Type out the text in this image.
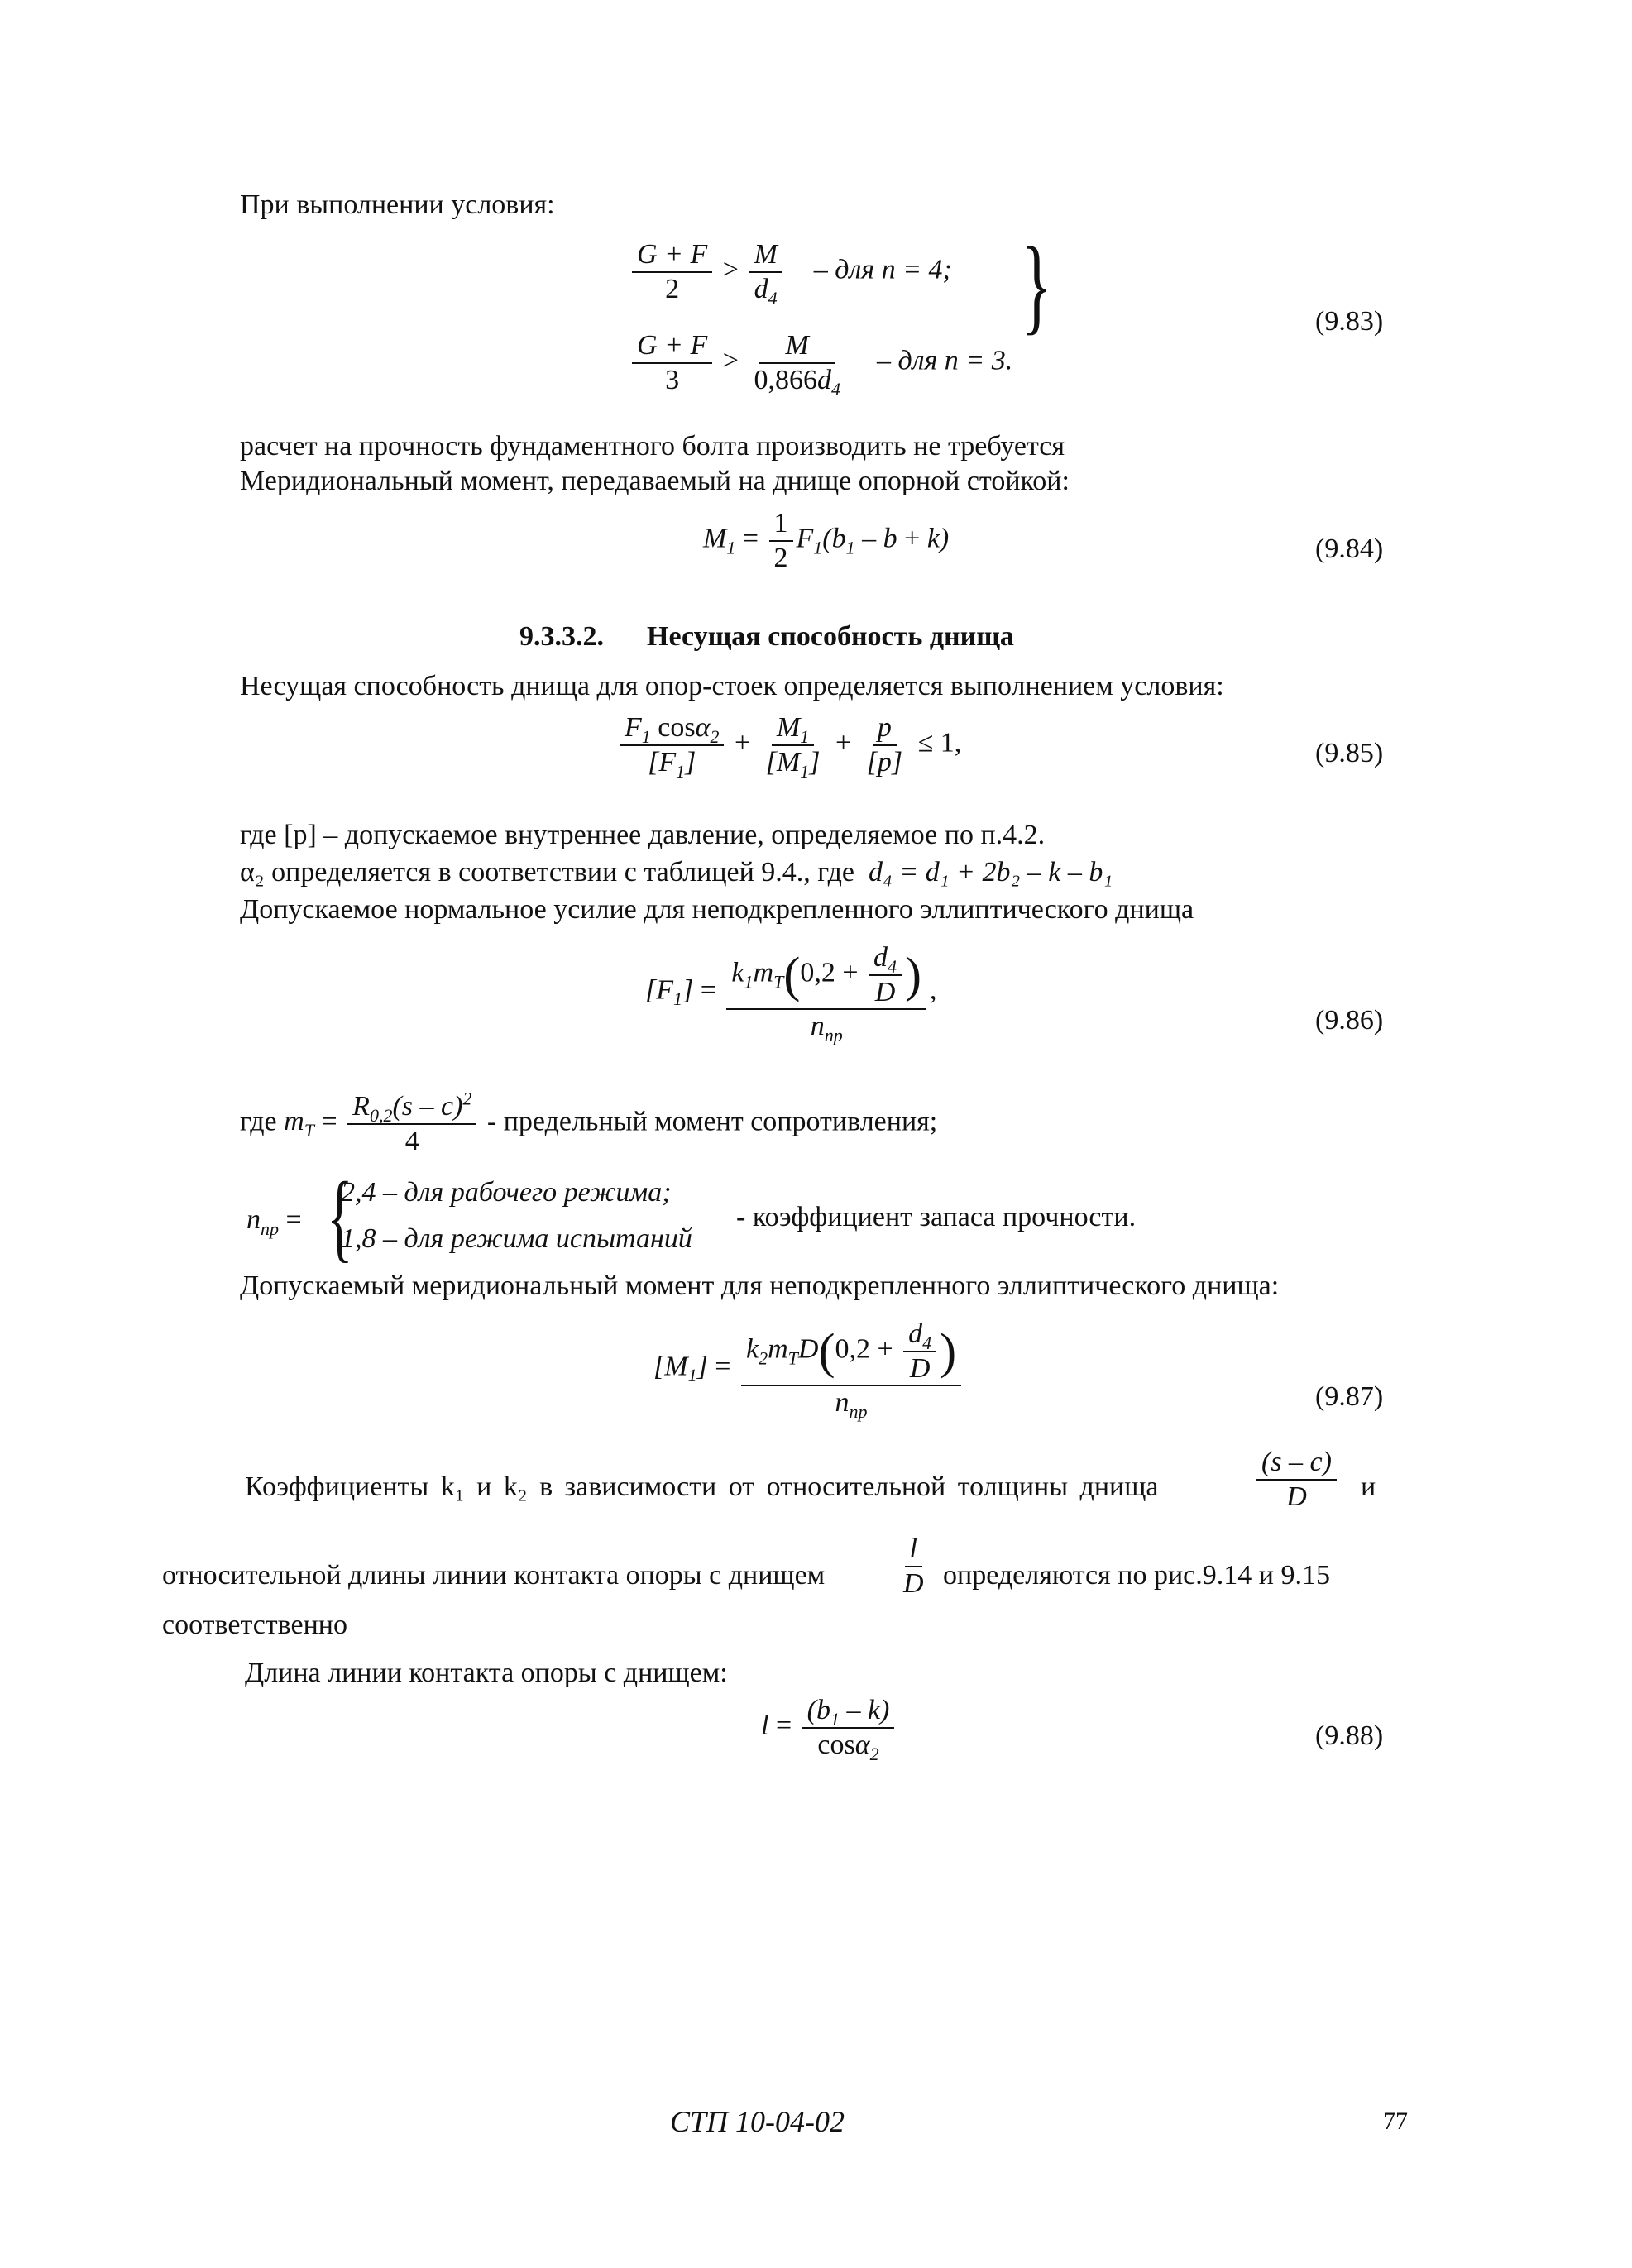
При выполнении условия:
$\frac{G + F}{2} > \frac{M}{d_4}$ – для n = 4;
$\frac{G + F}{3} > \frac{M}{0,866d_4}$ – для n = 3.
}	(9.83)
расчет на прочность фундаментного болта производить не требуется
Меридиональный момент, передаваемый на днище опорной стойкой:
$M_1 = \frac{1}{2} F_1(b_1 - b + k)$	(9.84)
9.3.3.2. Несущая способность днища
Несущая способность днища для опор-стоек определяется выполнением условия:
$\frac{F_1 \cos\alpha_2}{[F_1]} + \frac{M_1}{[M_1]} + \frac{p}{[p]} \le 1$,	(9.85)
где [p] – допускаемое внутреннее давление, определяемое по п.4.2.
α₂ определяется в соответствии с таблицей 9.4., где d₄ = d₁ + 2b₂ – k – b₁
Допускаемое нормальное усилие для неподкрепленного эллиптического днища
$[F_1] = \frac{k_1m_T(0,2 + \frac{d_4}{D} )}{n_{пр}}$ ,
(9.86)
где $m_T = \frac{R_{0,2}(s - c)^2}{4}$ - предельный момент сопротивления;
$n_{пр}$ = {
2,4 – для рабочего режима;
1,8 – для режима испытаний
- коэффициент запаса прочности.
Допускаемый меридиональный момент для неподкрепленного эллиптического днища:
$[M_1] = \frac{k_2m_TD(0,2 + \frac{d_4}{D} )}{n_{пр}}$	(9.87)
Коэффициенты k₁ и k₂ в зависимости от относительной толщины днища	$\frac{(s - c)}{D}$ и
относительной длины линии контакта опоры с днищем	$\frac{l}{D}$ определяются по рис.9.14 и 9.15
соответственно
Длина линии контакта опоры с днищем:
$l = \frac{(b_1 - k)}{\cos\alpha_2}$	(9.88)
СТП 10-04-02	77
